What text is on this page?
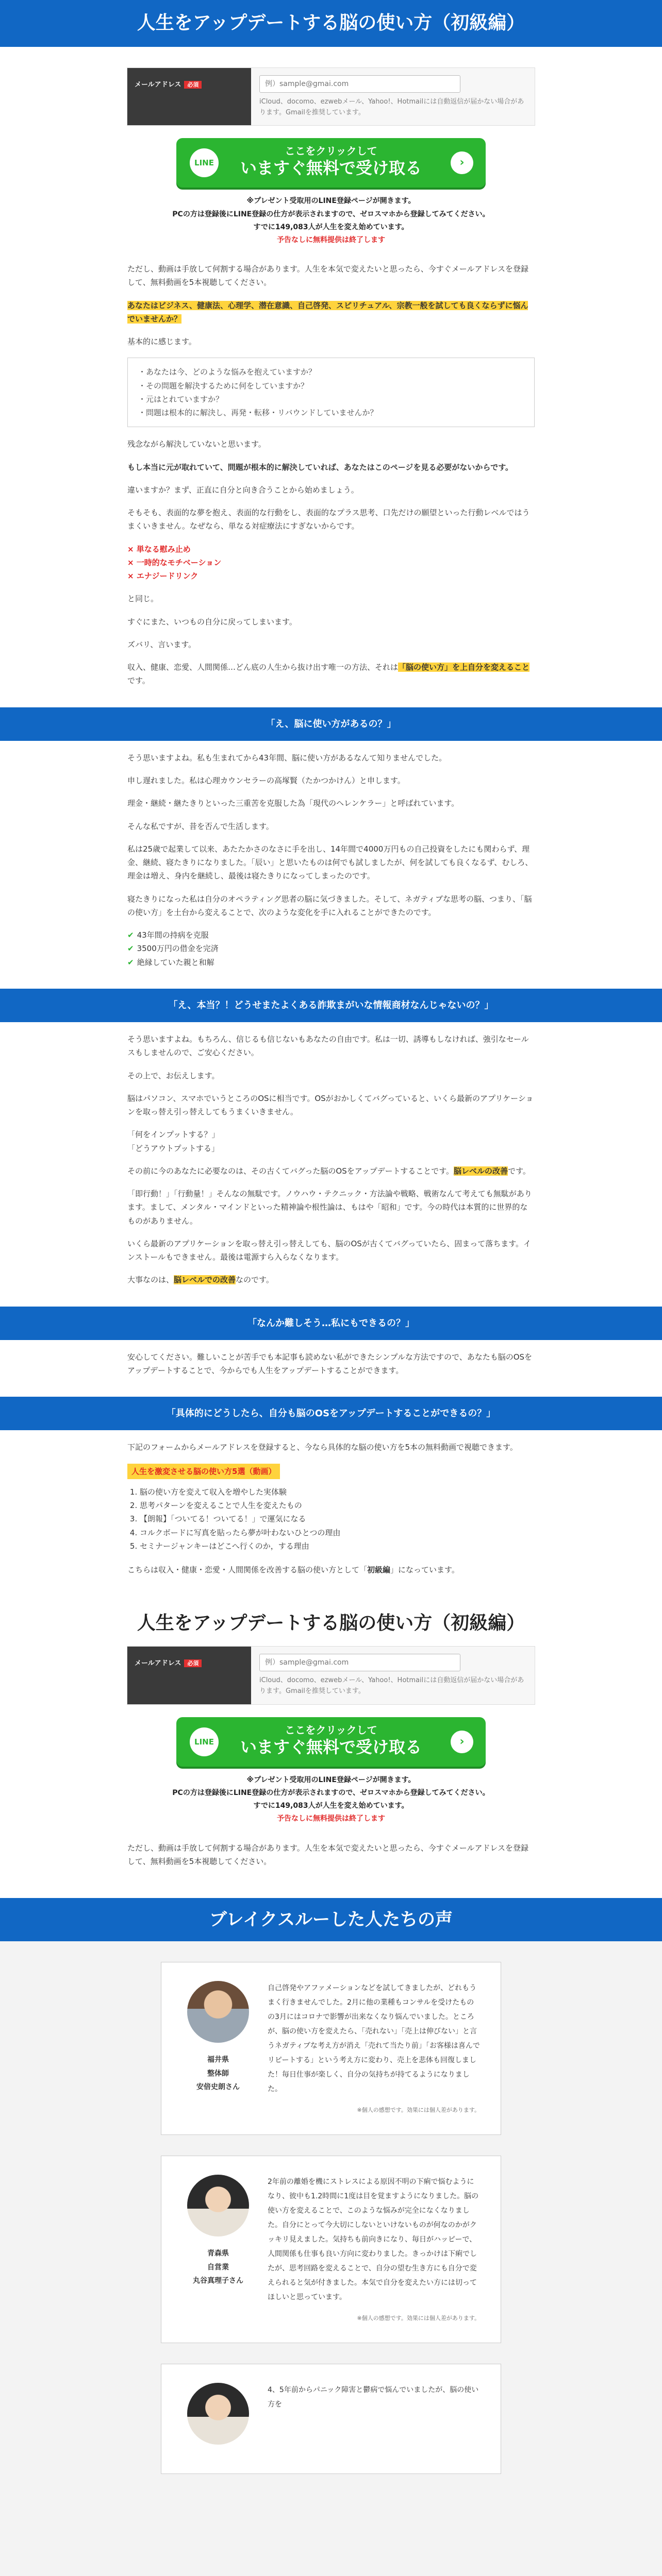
人生をアップデートする脳の使い方（初級編）
メールアドレス 必須
例）sample@gmai.com
iCloud、docomo、ezwebメール、Yahoo!、Hotmailには自動返信が届かない場合があります。Gmailを推奨しています。
LINE
ここをクリックして
いますぐ無料で受け取る	›
※プレゼント受取用のLINE登録ページが開きます。
PCの方は登録後にLINE登録の仕方が表示されますので、ゼロスマホから登録してみてください。
すでに149,083人が人生を変え始めています。
予告なしに無料提供は終了します

ただし、動画は手放して何割する場合があります。人生を本気で変えたいと思ったら、今すぐメールアドレスを登録して、無料動画を5本視聴してください。

あなたはビジネス、健康法、心理学、潜在意識、自己啓発、スピリチュアル、宗教一般を試しても良くならずに悩んでいませんか？

基本的に感じます。

・あなたは今、どのような悩みを抱えていますか？
・その問題を解決するために何をしていますか？
・元はとれていますか？
・問題は根本的に解決し、再発・転移・リバウンドしていませんか？

残念ながら解決していないと思います。

もし本当に元が取れていて、問題が根本的に解決していれば、あなたはこのページを見る必要がないからです。

違いますか？まず、正直に自分と向き合うことから始めましょう。

そもそも、表面的な夢を抱え、表面的な行動をし、表面的なプラス思考、口先だけの願望といった行動レベルではうまくいきません。なぜなら、単なる対症療法にすぎないからです。

× 単なる慰み止め
× 一時的なモチベーション
× エナジードリンク

と同じ。

すぐにまた、いつもの自分に戻ってしまいます。

ズバリ、言います。

収入、健康、恋愛、人間関係…どん底の人生から抜け出す唯一の方法、それは「脳の使い方」を上自分を変えることです。

「え、脳に使い方があるの？」

そう思いますよね。私も生まれてから43年間、脳に使い方があるなんて知りませんでした。

申し遅れました。私は心理カウンセラーの高塚賢（たかつかけん）と申します。

理金・継続・継たきりといった三重苦を克服した為「現代のヘレンケラー」と呼ばれています。

そんな私ですが、昔を否んで生活します。

私は25歳で起業して以来、あたたかさのなさに手を出し、14年間で4000万円もの自己投資をしたにも関わらず、理金、継続、寝たきりになりました。「辰い」と思いたものは何でも試しましたが、何を試しても良くなるず、むしろ、理金は増え、身内を継続し、最後は寝たきりになってしまったのです。

寝たきりになった私は自分のオペラティング思者の脳に気づきました。そして、ネガティブな思考の脳、つまり、「脳の使い方」を土台から変えることで、次のような変化を手に入れることができたのです。

✔ 43年間の持病を克服
✔ 3500万円の借金を完済
✔ 絶縁していた親と和解
「え、本当？！どうせまたよくある詐欺まがいな情報商材なんじゃないの？」

そう思いますよね。もちろん、信じるも信じないもあなたの自由です。私は一切、誘導もしなければ、強引なセールスもしませんので、ご安心ください。

その上で、お伝えします。

脳はパソコン、スマホでいうところのOSに相当です。OSがおかしくてバグっていると、いくら最新のアプリケーションを取っ替え引っ替えしてもうまくいきません。

「何をインプットする？」

「どうアウトプットする」

その前に今のあなたに必要なのは、その古くてバグった脳のOSをアップデートすることです。脳レベルの改善です。

「即行動！」「行動量！」そんなの無駄です。ノウハウ・テクニック・方法論や戦略、戦術なんて考えても無駄があります。まして、メンタル・マインドといった精神論や根性論は、もはや「昭和」です。今の時代は本質的に世界的なものがありません。

いくら最新のアプリケーションを取っ替え引っ替えしても、脳のOSが古くてバグっていたら、固まって落ちます。インストールもできません。最後は電源すら入らなくなります。

大事なのは、脳レベルでの改善なのです。

「なんか難しそう…私にもできるの？」

安心してください。難しいことが苦手でも本記事も読めない私ができたシンプルな方法ですので、あなたも脳のOSをアップデートすることで、今からでも人生をアップデートすることができます。

「具体的にどうしたら、自分も脳のOSをアップデートすることができるの？」

下記のフォームからメールアドレスを登録すると、今なら具体的な脳の使い方を5本の無料動画で視聴できます。

人生を激変させる脳の使い方5選（動画）
1. 脳の使い方を変えて収入を増やした実体験
2. 思考パターンを変えることで人生を変えたもの
3. 【朗報】「ついてる！ついてる！」で運気になる
4. コルクボードに写真を貼ったら夢が叶わないひとつの理由
5. セミナージャンキーはどこへ行くのか，する理由

こちらは収入・健康・恋愛・人間関係を改善する脳の使い方として「初級編」になっています。

人生をアップデートする脳の使い方（初級編）
メールアドレス 必須
例）sample@gmai.com
iCloud、docomo、ezwebメール、Yahoo!、Hotmailには自動返信が届かない場合があります。Gmailを推奨しています。
LINE
ここをクリックして
いますぐ無料で受け取る	›
※プレゼント受取用のLINE登録ページが開きます。
PCの方は登録後にLINE登録の仕方が表示されますので、ゼロスマホから登録してみてください。
すでに149,083人が人生を変え始めています。
予告なしに無料提供は終了します

ただし、動画は手放して何割する場合があります。人生を本気で変えたいと思ったら、今すぐメールアドレスを登録して、無料動画を5本視聴してください。

ブレイクスルーした人たちの声
福井県
整体師
安倍史朗さん
自己啓発やアファメーションなどを試してきましたが、どれもうまく行きませんでした。2月に他の業種もコンサルを受けたものの3月にはコロナで影響が出来なくなり悩んでいました。ところが、脳の使い方を変えたら、「売れない」「売上は伸びない」と言うネガティブな考え方が消え「売れて当たり前」「お客様は喜んでリピートする」という考え方に変わり、売上を悲体も回復しました！毎日仕事が楽しく、自分の気持ちが持てるようになりました。
※個人の感想です。効果には個人差があります。
青森県
自営業
丸谷真理子さん
2年前の離婚を機にストレスによる原因不明の下痢で悩むようになり、彼中も1.2時間に1度は目を覚ますようになりました。脳の使い方を変えることで、このような悩みが完全になくなりました。自分にとって今大切にしないといけないものが何なのかがクッキリ見えました。気持ちも前向きになり、毎日がハッピーで、人間関係も仕事も良い方向に変わりました。きっかけは下痢でしたが、思考回路を変えることで、自分の望む生き方にも自分で変えられると気が付きました。本気で自分を変えたい方には切ってほしいと思っています。
※個人の感想です。効果には個人差があります。
4、5年前からパニック障害と鬱病で悩んでいましたが、脳の使い方を
